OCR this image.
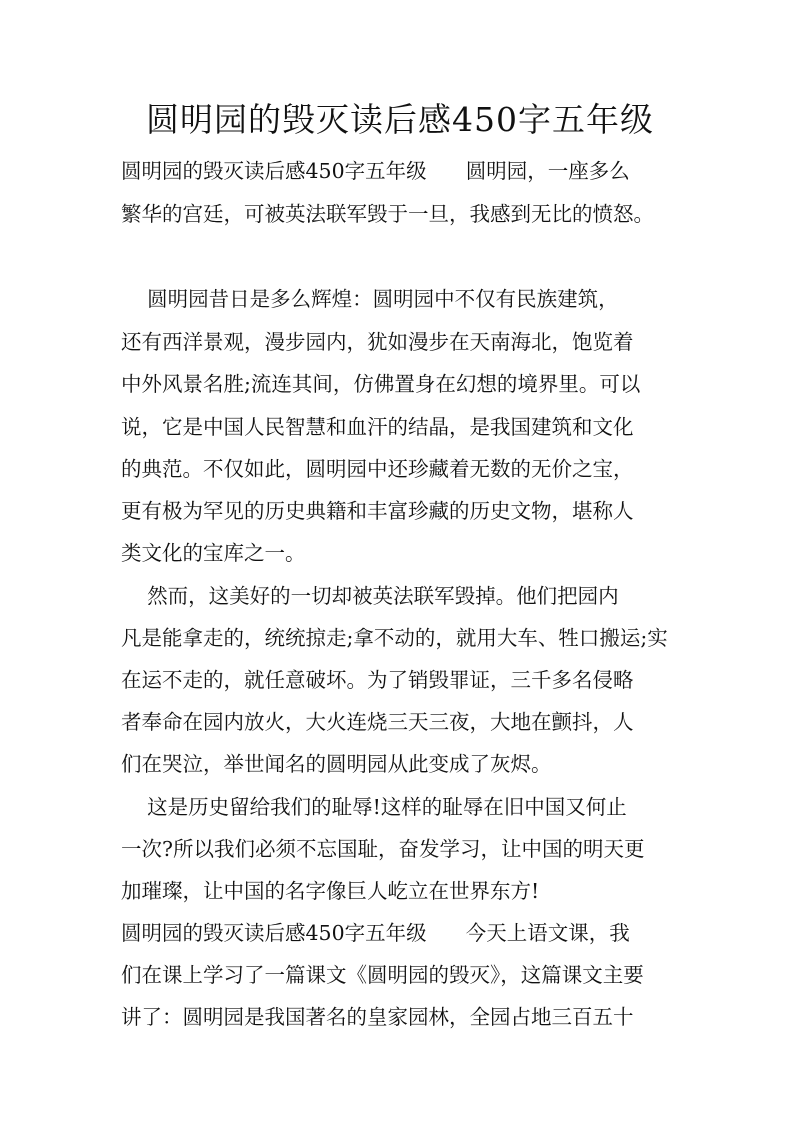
圆明园的毁灭读后感450字五年级

圆明园的毁灭读后感450字五年级      圆明园，一座多么

繁华的宫廷，可被英法联军毁于一旦，我感到无比的愤怒。

圆明园昔日是多么辉煌：圆明园中不仅有民族建筑，

还有西洋景观，漫步园内，犹如漫步在天南海北，饱览着

中外风景名胜;流连其间，仿佛置身在幻想的境界里。可以

说，它是中国人民智慧和血汗的结晶，是我国建筑和文化

的典范。不仅如此，圆明园中还珍藏着无数的无价之宝，

更有极为罕见的历史典籍和丰富珍藏的历史文物，堪称人

类文化的宝库之一。

然而，这美好的一切却被英法联军毁掉。他们把园内

凡是能拿走的，统统掠走;拿不动的，就用大车、牲口搬运;实

在运不走的，就任意破坏。为了销毁罪证，三千多名侵略

者奉命在园内放火，大火连烧三天三夜，大地在颤抖，人

们在哭泣，举世闻名的圆明园从此变成了灰烬。

这是历史留给我们的耻辱!这样的耻辱在旧中国又何止

一次?所以我们必须不忘国耻，奋发学习，让中国的明天更

加璀璨，让中国的名字像巨人屹立在世界东方!

圆明园的毁灭读后感450字五年级      今天上语文课，我

们在课上学习了一篇课文《圆明园的毁灭》，这篇课文主要

讲了：圆明园是我国著名的皇家园林，全园占地三百五十
